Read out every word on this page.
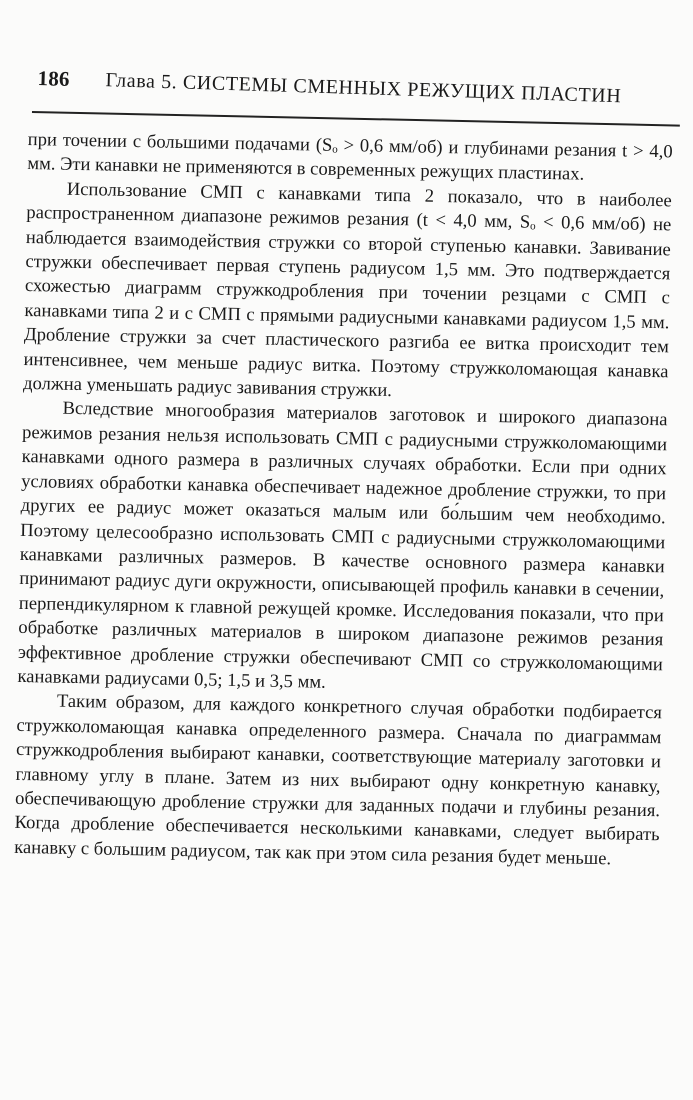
186 Глава 5. СИСТЕМЫ СМЕННЫХ РЕЖУЩИХ ПЛАСТИН

при точении с большими подачами (Sₒ > 0,6 мм/об) и глубинами резания t > 4,0 мм. Эти канавки не применяются в современных режущих пластинах.

Использование СМП с канавками типа 2 показало, что в наиболее распространенном диапазоне режимов резания (t < 4,0 мм, Sₒ < 0,6 мм/об) не наблюдается взаимодействия стружки со второй ступенью канавки. Завивание стружки обеспечивает первая ступень радиусом 1,5 мм. Это подтверждается схожестью диаграмм стружкодробления при точении резцами с СМП с канавками типа 2 и с СМП с прямыми радиусными канавками радиусом 1,5 мм. Дробление стружки за счет пластического разгиба ее витка происходит тем интенсивнее, чем меньше радиус витка. Поэтому стружколомающая канавка должна уменьшать радиус завивания стружки.

Вследствие многообразия материалов заготовок и широкого диапазона режимов резания нельзя использовать СМП с радиусными стружколомающими канавками одного размера в различных случаях обработки. Если при одних условиях обработки канавка обеспечивает надежное дробление стружки, то при других ее радиус может оказаться малым или бо́льшим чем необходимо. Поэтому целесообразно использовать СМП с радиусными стружколомающими канавками различных размеров. В качестве основного размера канавки принимают радиус дуги окружности, описывающей профиль канавки в сечении, перпендикулярном к главной режущей кромке. Исследования показали, что при обработке различных материалов в широком диапазоне режимов резания эффективное дробление стружки обеспечивают СМП со стружколомающими канавками радиусами 0,5; 1,5 и 3,5 мм.

Таким образом, для каждого конкретного случая обработки подбирается стружколомающая канавка определенного размера. Сначала по диаграммам стружкодробления выбирают канавки, соответствующие материалу заготовки и главному углу в плане. Затем из них выбирают одну конкретную канавку, обеспечивающую дробление стружки для заданных подачи и глубины резания. Когда дробление обеспечивается несколькими канавками, следует выбирать канавку с большим радиусом, так как при этом сила резания будет меньше.
